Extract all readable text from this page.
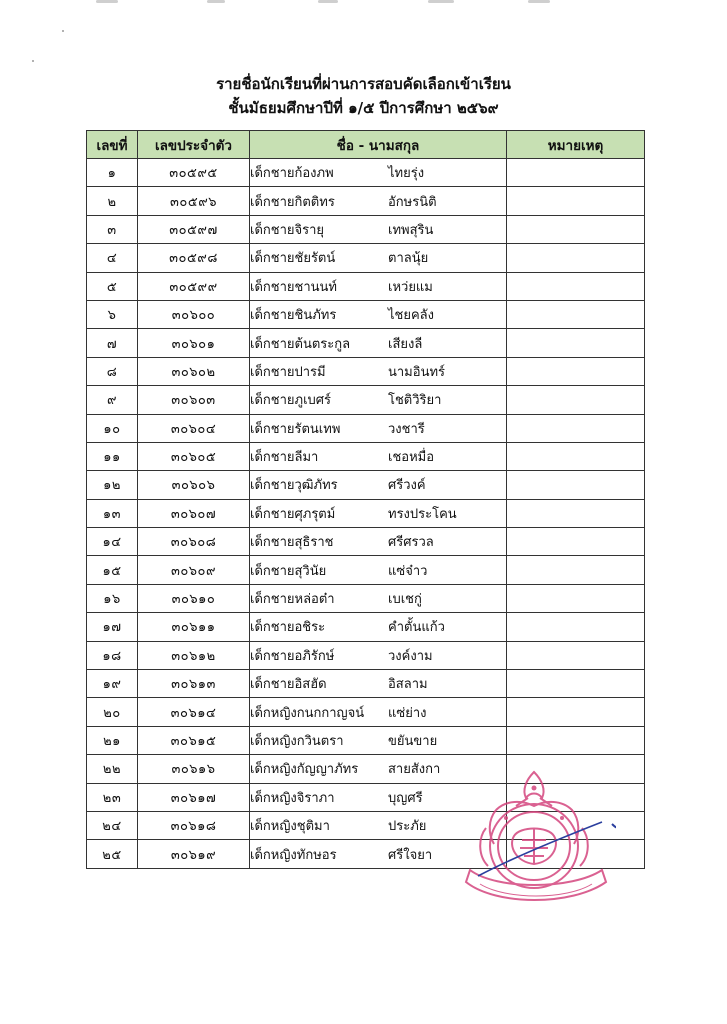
รายชื่อนักเรียนที่ผ่านการสอบคัดเลือกเข้าเรียน
ชั้นมัธยมศึกษาปีที่ ๑/๕ ปีการศึกษา ๒๕๖๙
เลขที่	เลขประจำตัว	ชื่อ - นามสกุล	หมายเหตุ
๑	๓๐๕๙๕	เด็กชายก้องภพ ไทยรุ่ง	
๒	๓๐๕๙๖	เด็กชายกิตติทร อักษรนิติ	
๓	๓๐๕๙๗	เด็กชายจิรายุ เทพสุริน	
๔	๓๐๕๙๘	เด็กชายชัยรัตน์ ตาลนุ้ย	
๕	๓๐๕๙๙	เด็กชายชานนท์ เหว่ยแม	
๖	๓๐๖๐๐	เด็กชายชินภัทร ไชยคลัง	
๗	๓๐๖๐๑	เด็กชายต้นตระกูล เสียงลี	
๘	๓๐๖๐๒	เด็กชายปารมี นามอินทร์	
๙	๓๐๖๐๓	เด็กชายภูเบศร์ โชติวิริยา	
๑๐	๓๐๖๐๔	เด็กชายรัตนเทพ วงชารี	
๑๑	๓๐๖๐๕	เด็กชายลีมา เชอหมื่อ	
๑๒	๓๐๖๐๖	เด็กชายวุฒิภัทร ศรีวงค์	
๑๓	๓๐๖๐๗	เด็กชายศุภรุตม์ ทรงประโคน	
๑๔	๓๐๖๐๘	เด็กชายสุธิราช ศรีศรวล	
๑๕	๓๐๖๐๙	เด็กชายสุวินัย แซ่จ๋าว	
๑๖	๓๐๖๑๐	เด็กชายหล่อต๋า เบเชกู่	
๑๗	๓๐๖๑๑	เด็กชายอชิระ คำตั้นแก้ว	
๑๘	๓๐๖๑๒	เด็กชายอภิรักษ์ วงค์งาม	
๑๙	๓๐๖๑๓	เด็กชายอิสฮัด อิสลาม	
๒๐	๓๐๖๑๔	เด็กหญิงกนกกาญจน์ แซ่ย่าง	
๒๑	๓๐๖๑๕	เด็กหญิงกวินตรา ขยันขาย	
๒๒	๓๐๖๑๖	เด็กหญิงกัญญาภัทร สายสังกา	
๒๓	๓๐๖๑๗	เด็กหญิงจิราภา บุญศรี	
๒๔	๓๐๖๑๘	เด็กหญิงชุติมา ประภัย	
๒๕	๓๐๖๑๙	เด็กหญิงทักษอร ศรีใจยา	
